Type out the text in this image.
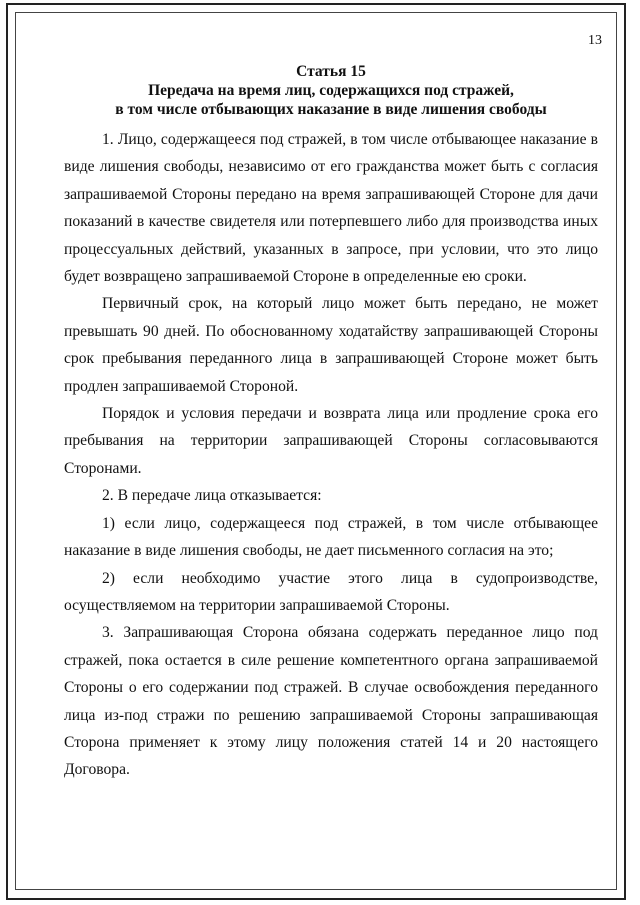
13

Статья 15

Передача на время лиц, содержащихся под стражей,

в том числе отбывающих наказание в виде лишения свободы

1. Лицо, содержащееся под стражей, в том числе отбывающее наказание в виде лишения свободы, независимо от его гражданства может быть с согласия запрашиваемой Стороны передано на время запрашивающей Стороне для дачи показаний в качестве свидетеля или потерпевшего либо для производства иных процессуальных действий, указанных в запросе, при условии, что это лицо будет возвращено запрашиваемой Стороне в определенные ею сроки.

Первичный срок, на который лицо может быть передано, не может превышать 90 дней. По обоснованному ходатайству запрашивающей Стороны срок пребывания переданного лица в запрашивающей Стороне может быть продлен запрашиваемой Стороной.

Порядок и условия передачи и возврата лица или продление срока его пребывания на территории запрашивающей Стороны согласовываются Сторонами.

2. В передаче лица отказывается:

1) если лицо, содержащееся под стражей, в том числе отбывающее наказание в виде лишения свободы, не дает письменного согласия на это;

2) если необходимо участие этого лица в судопроизводстве, осуществляемом на территории запрашиваемой Стороны.

3. Запрашивающая Сторона обязана содержать переданное лицо под стражей, пока остается в силе решение компетентного органа запрашиваемой Стороны о его содержании под стражей. В случае освобождения переданного лица из-под стражи по решению запрашиваемой Стороны запрашивающая Сторона применяет к этому лицу положения статей 14 и 20 настоящего Договора.
